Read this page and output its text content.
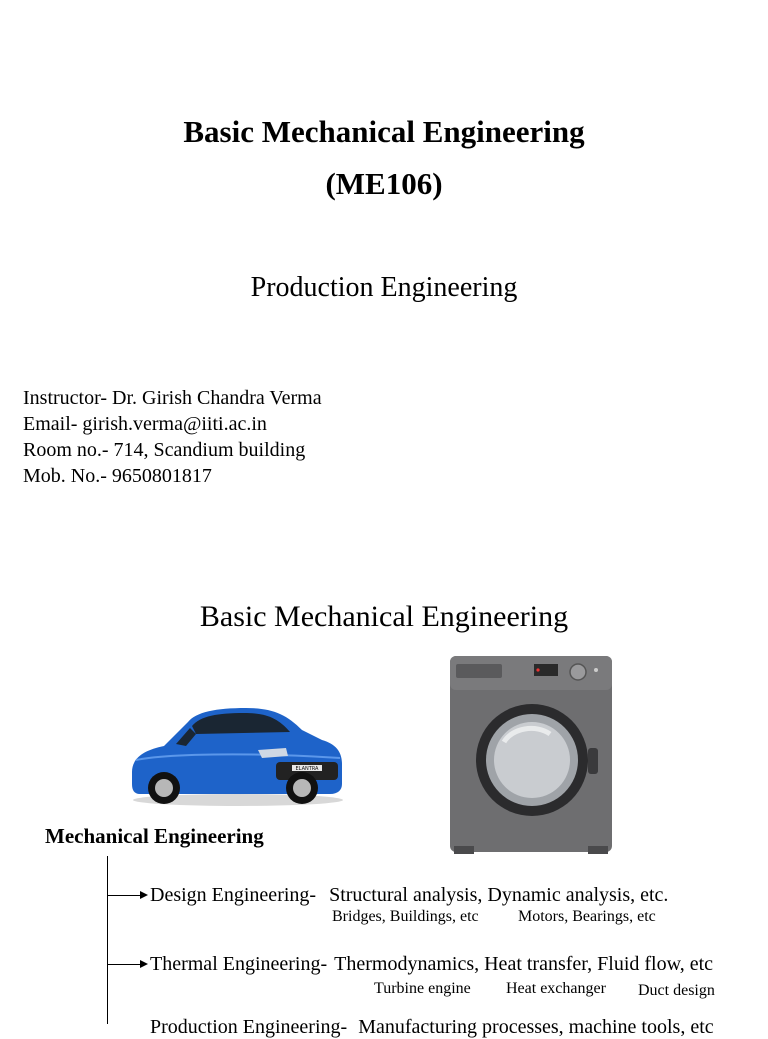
Basic Mechanical Engineering
(ME106)
Production Engineering
Instructor- Dr. Girish Chandra Verma
Email- girish.verma@iiti.ac.in
Room no.- 714, Scandium building
Mob. No.- 9650801817
Basic Mechanical Engineering
ELANTRA
Mechanical Engineering
Design Engineering- Structural analysis, Dynamic analysis, etc.
Bridges, Buildings, etc Motors, Bearings, etc
Thermal Engineering- Thermodynamics, Heat transfer, Fluid flow, etc
Turbine engine Heat exchanger Duct design
Production Engineering- Manufacturing processes, machine tools, etc
